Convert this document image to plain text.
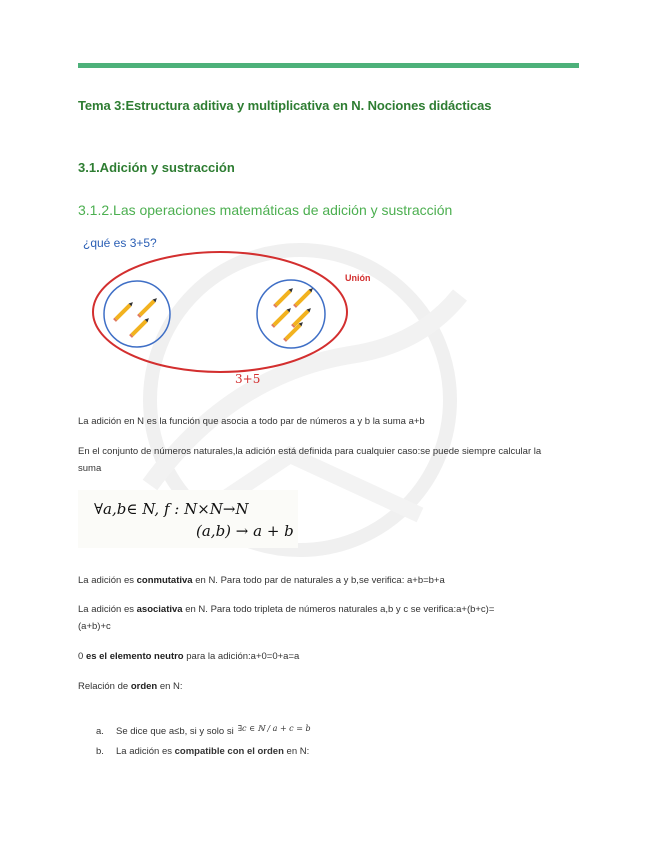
Tema 3:Estructura aditiva y multiplicativa en N. Nociones didácticas
3.1.Adición y sustracción
3.1.2.Las operaciones matemáticas de adición y sustracción
¿qué es 3+5?
Unión
3+5
La adición en N es la función que asocia a todo par de números a y b la suma a+b
En el conjunto de números naturales,la adición está definida para cualquier caso:se puede siempre calcular la suma
∀a,b∈ N, f : N×N→N
(a,b) → a + b
La adición es conmutativa en N. Para todo par de naturales a y b,se verifica: a+b=b+a
La adición es asociativa en N. Para todo tripleta de números naturales a,b y c se verifica:a+(b+c)=(a+b)+c
0 es el elemento neutro para la adición:a+0=0+a=a
Relación de orden en N:
a. Se dice que a≤b, si y solo si $^{\exists c \in ℕ / a + c = b}$
b. La adición es compatible con el orden en N:
